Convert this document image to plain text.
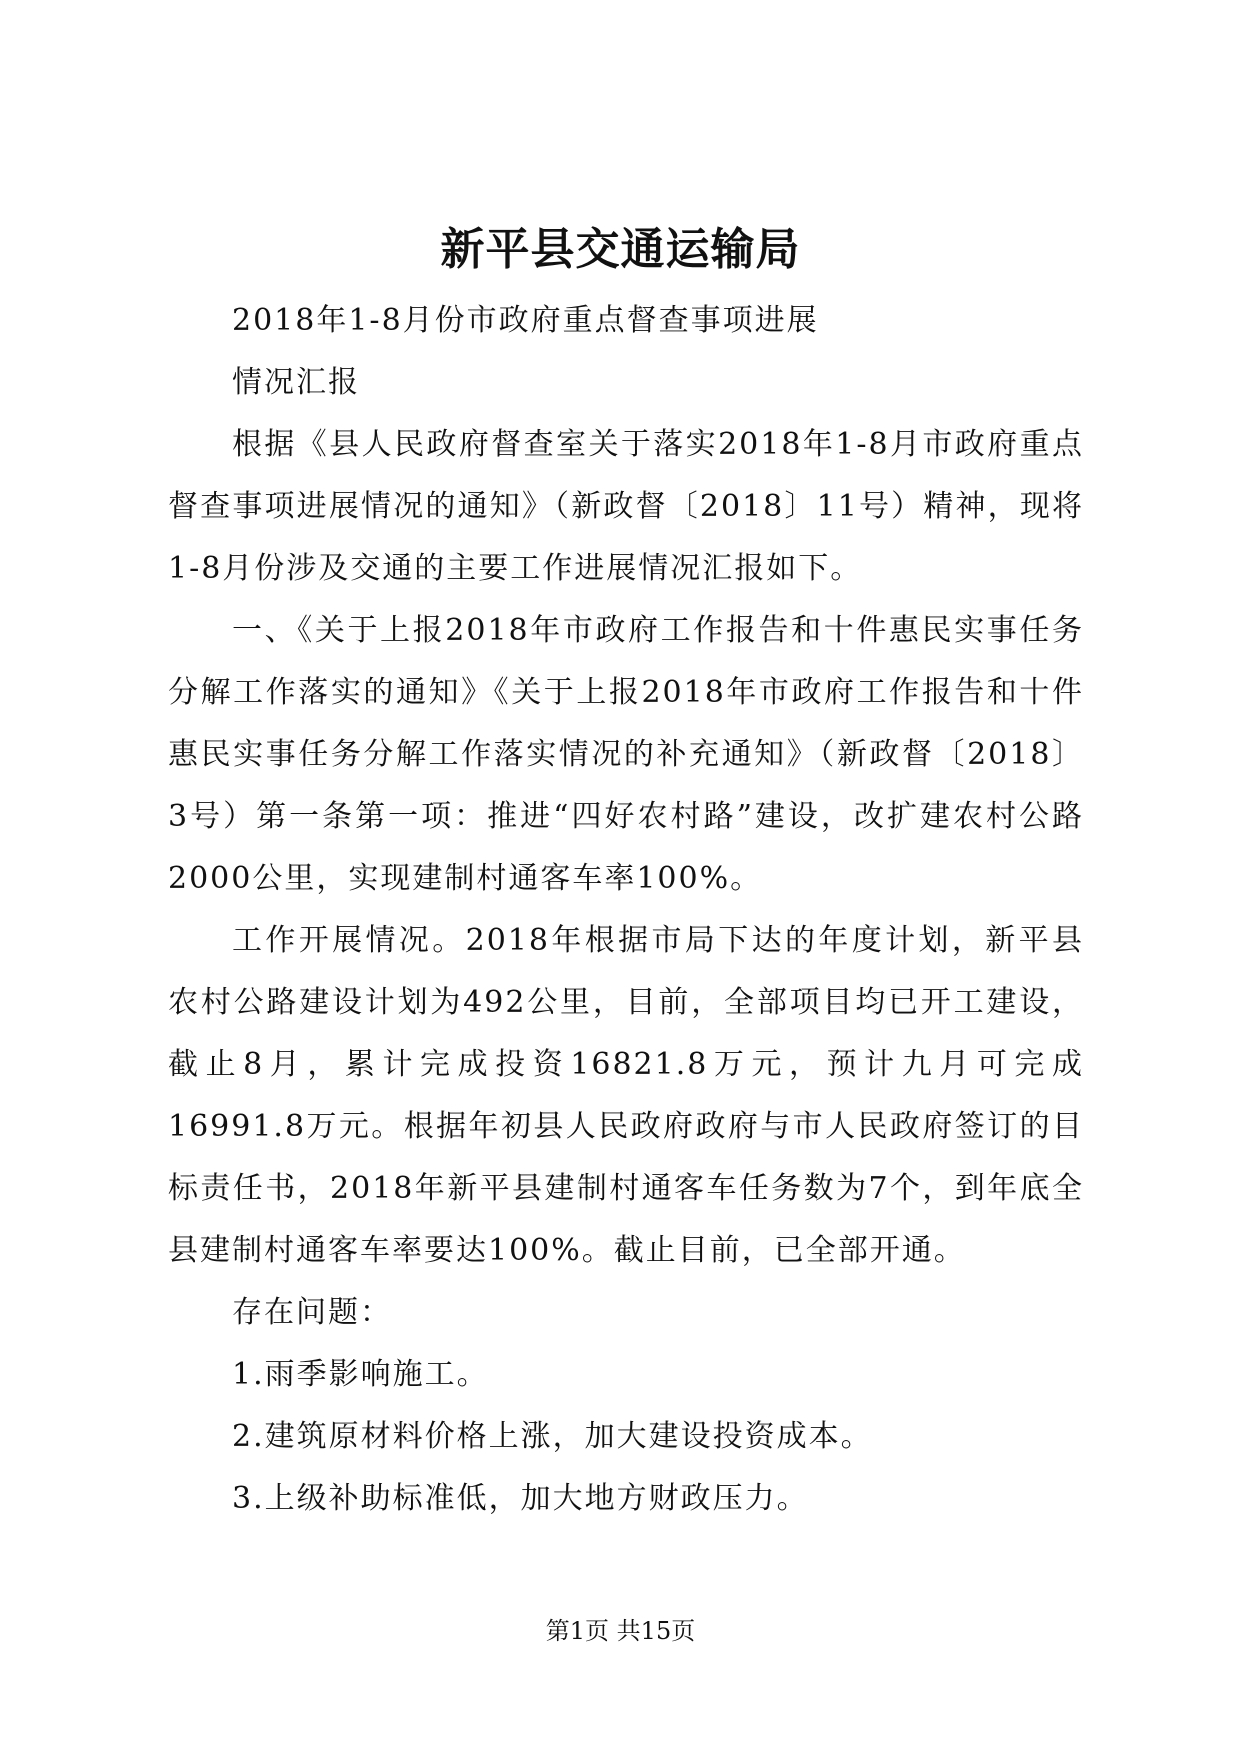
新平县交通运输局

2018年1-8月份市政府重点督查事项进展

情况汇报

根据《县人民政府督查室关于落实2018年1-8月市政府重点督查事项进展情况的通知》（新政督〔2018〕11号）精神，现将1-8月份涉及交通的主要工作进展情况汇报如下。

一、《关于上报2018年市政府工作报告和十件惠民实事任务分解工作落实的通知》《关于上报2018年市政府工作报告和十件惠民实事任务分解工作落实情况的补充通知》（新政督〔2018〕3号）第一条第一项：推进“四好农村路”建设，改扩建农村公路2000公里，实现建制村通客车率100%。

工作开展情况。2018年根据市局下达的年度计划，新平县农村公路建设计划为492公里，目前，全部项目均已开工建设，截止8月，累计完成投资16821.8万元，预计九月可完成16991.8万元。根据年初县人民政府政府与市人民政府签订的目标责任书，2018年新平县建制村通客车任务数为7个，到年底全县建制村通客车率要达100%。截止目前，已全部开通。

存在问题：

1.雨季影响施工。

2.建筑原材料价格上涨，加大建设投资成本。

3.上级补助标准低，加大地方财政压力。

第1页 共15页
